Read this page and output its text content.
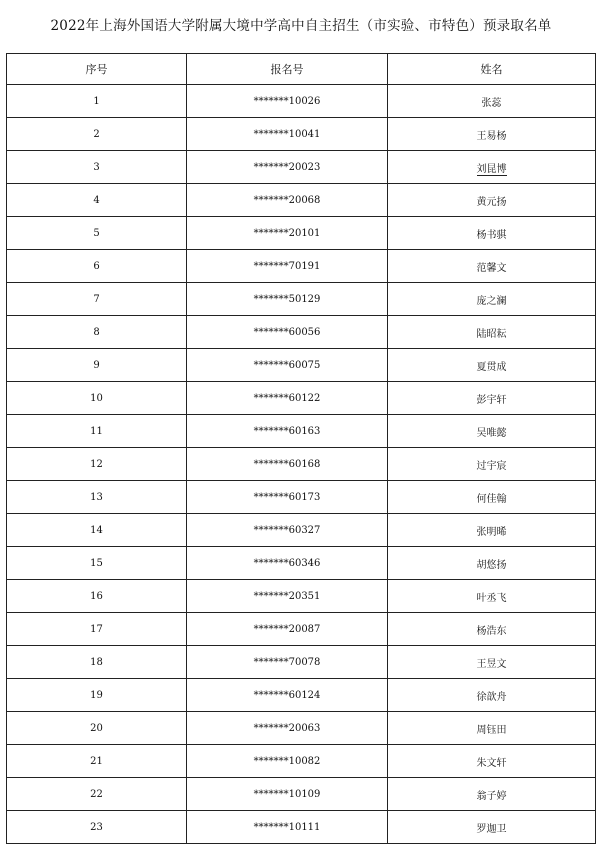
2022年上海外国语大学附属大境中学高中自主招生（市实验、市特色）预录取名单
序号	报名号	姓名
1	*******10026	张蕊
2	*******10041	王易杨
3	*******20023	刘昆博
4	*******20068	黄元扬
5	*******20101	杨书骐
6	*******70191	范馨文
7	*******50129	庞之澜
8	*******60056	陆昭耘
9	*******60075	夏贯成
10	*******60122	彭宇轩
11	*******60163	吴唯懿
12	*******60168	过宇宸
13	*******60173	何佳翰
14	*******60327	张明晞
15	*******60346	胡悠扬
16	*******20351	叶丞飞
17	*******20087	杨浩东
18	*******70078	王昱文
19	*******60124	徐歆舟
20	*******20063	周钰田
21	*******10082	朱文轩
22	*******10109	翁子婷
23	*******10111	罗迦卫
